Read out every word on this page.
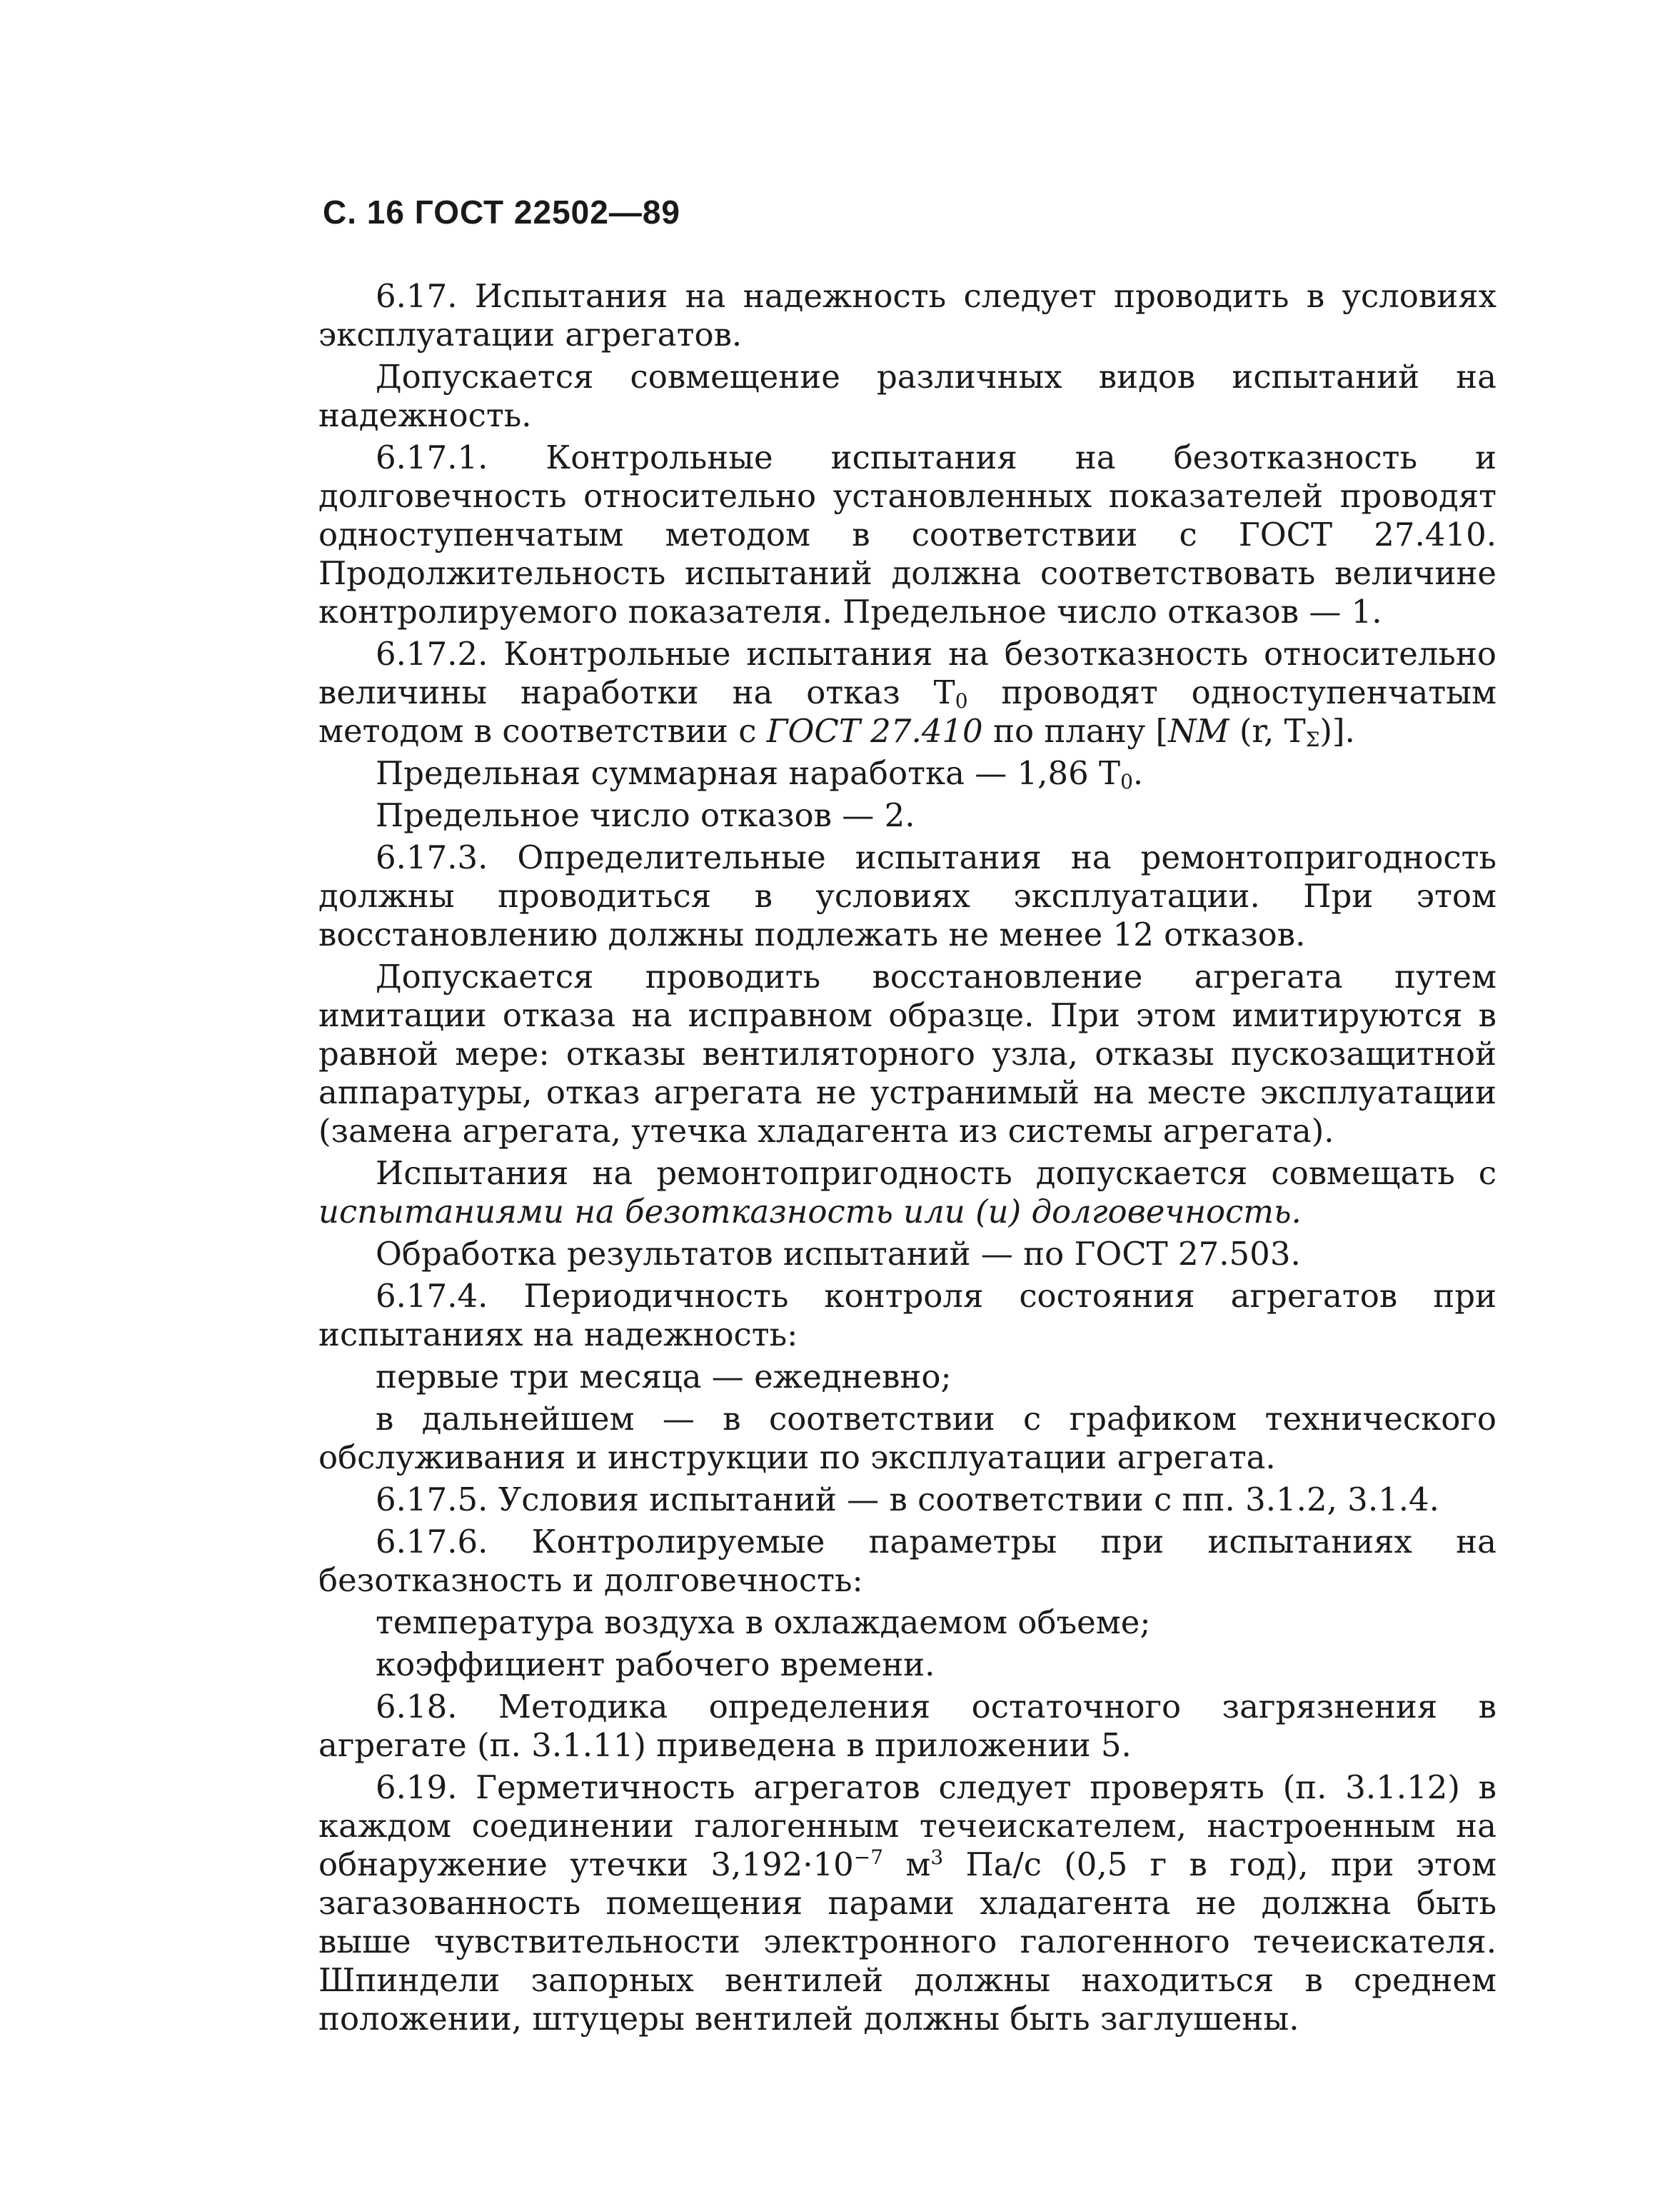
С. 16 ГОСТ 22502—89

6.17. Испытания на надежность следует проводить в условиях эксплуатации агрегатов.

Допускается совмещение различных видов испытаний на надежность.

6.17.1. Контрольные испытания на безотказность и долговечность относительно установленных показателей проводят одноступенчатым методом в соответствии с ГОСТ 27.410. Продолжительность испытаний должна соответствовать величине контролируемого показателя. Предельное число отказов — 1.

6.17.2. Контрольные испытания на безотказность относительно величины наработки на отказ $T_0$ проводят одноступенчатым методом в соответствии с ГОСТ 27.410 по плану [NM (r, $T_\Sigma$)].

Предельная суммарная наработка — 1,86 $T_0$.

Предельное число отказов — 2.

6.17.3. Определительные испытания на ремонтопригодность должны проводиться в условиях эксплуатации. При этом восстановлению должны подлежать не менее 12 отказов.

Допускается проводить восстановление агрегата путем имитации отказа на исправном образце. При этом имитируются в равной мере: отказы вентиляторного узла, отказы пускозащитной аппаратуры, отказ агрегата не устранимый на месте эксплуатации (замена агрегата, утечка хладагента из системы агрегата).

Испытания на ремонтопригодность допускается совмещать с испытаниями на безотказность или (и) долговечность.

Обработка результатов испытаний — по ГОСТ 27.503.

6.17.4. Периодичность контроля состояния агрегатов при испытаниях на надежность:

первые три месяца — ежедневно;

в дальнейшем — в соответствии с графиком технического обслуживания и инструкции по эксплуатации агрегата.

6.17.5. Условия испытаний — в соответствии с пп. 3.1.2, 3.1.4.

6.17.6. Контролируемые параметры при испытаниях на безотказность и долговечность:

температура воздуха в охлаждаемом объеме;

коэффициент рабочего времени.

6.18. Методика определения остаточного загрязнения в агрегате (п. 3.1.11) приведена в приложении 5.

6.19. Герметичность агрегатов следует проверять (п. 3.1.12) в каждом соединении галогенным течеискателем, настроенным на обнаружение утечки $3,192\cdot 10^{-7}$ $м^3$ Па/с (0,5 г в год), при этом загазованность помещения парами хладагента не должна быть выше чувствительности электронного галогенного течеискателя. Шпиндели запорных вентилей должны находиться в среднем положении, штуцеры вентилей должны быть заглушены.
